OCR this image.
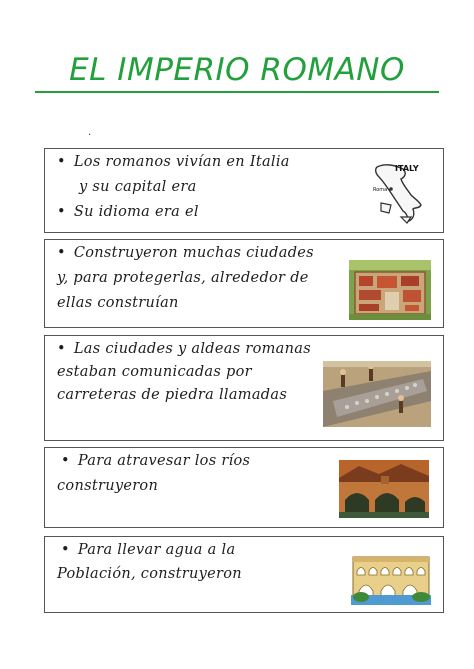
EL IMPERIO ROMANO
.
• Los romanos vivían en Italia
y su capital era
• Su idioma era el
ITALY
Roma
• Construyeron muchas ciudades
y, para protegerlas, alrededor de
ellas construían
• Las ciudades y aldeas romanas
estaban comunicadas por
carreteras de piedra llamadas
• Para atravesar los ríos
construyeron
• Para llevar agua a la
Población, construyeron
